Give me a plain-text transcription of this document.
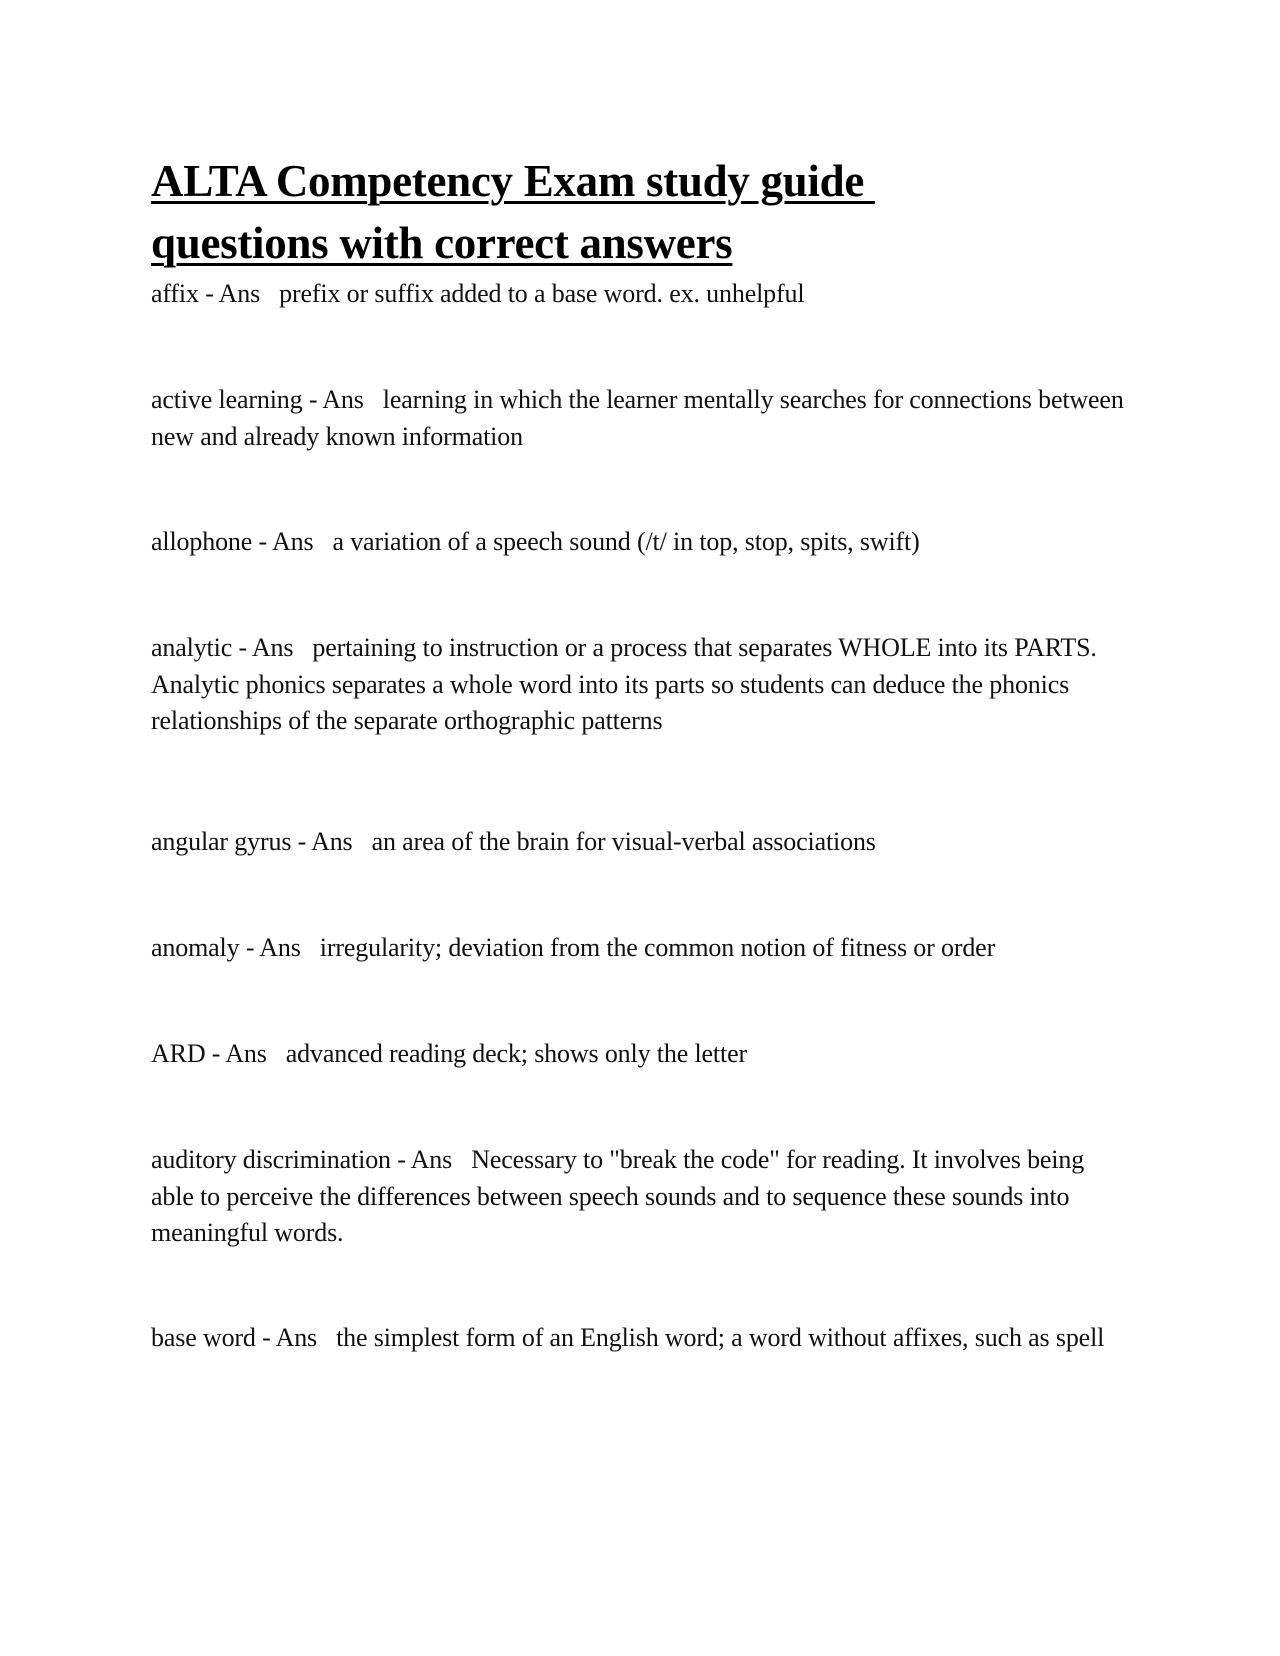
ALTA Competency Exam study guide
questions with correct answers

affix - Ans   prefix or suffix added to a base word. ex. unhelpful

active learning - Ans   learning in which the learner mentally searches for connections between new and already known information

allophone - Ans   a variation of a speech sound (/t/ in top, stop, spits, swift)

analytic - Ans   pertaining to instruction or a process that separates WHOLE into its PARTS. Analytic phonics separates a whole word into its parts so students can deduce the phonics relationships of the separate orthographic patterns

angular gyrus - Ans   an area of the brain for visual-verbal associations

anomaly - Ans   irregularity; deviation from the common notion of fitness or order

ARD - Ans   advanced reading deck; shows only the letter

auditory discrimination - Ans   Necessary to "break the code" for reading. It involves being able to perceive the differences between speech sounds and to sequence these sounds into meaningful words.

base word - Ans   the simplest form of an English word; a word without affixes, such as spell
